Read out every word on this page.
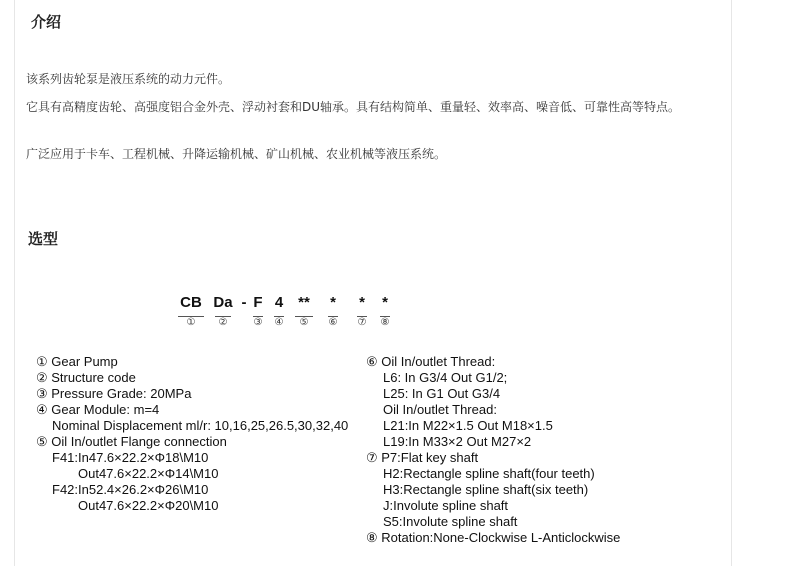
介绍
该系列齿轮泵是液压系统的动力元件。
它具有高精度齿轮、高强度铝合金外壳、浮动衬套和DU轴承。具有结构简单、重量轻、效率高、噪音低、可靠性高等特点。
广泛应用于卡车、工程机械、升降运输机械、矿山机械、农业机械等液压系统。
选型
CB
①
Da
②
- F
③
4
④
**
⑤
*
⑥
*
⑦
*
⑧
① Gear Pump
② Structure code
③ Pressure Grade: 20MPa
④ Gear Module: m=4
Nominal Displacement ml/r: 10,16,25,26.5,30,32,40
⑤ Oil In/outlet Flange connection
F41:In47.6×22.2×Φ18\M10
Out47.6×22.2×Φ14\M10
F42:In52.4×26.2×Φ26\M10
Out47.6×22.2×Φ20\M10
⑥ Oil In/outlet Thread:
L6: In G3/4 Out G1/2;
L25: In G1 Out G3/4
Oil In/outlet Thread:
L21:In M22×1.5 Out M18×1.5
L19:In M33×2 Out M27×2
⑦ P7:Flat key shaft
H2:Rectangle spline shaft(four teeth)
H3:Rectangle spline shaft(six teeth)
J:Involute spline shaft
S5:Involute spline shaft
⑧ Rotation:None-Clockwise L-Anticlockwise
